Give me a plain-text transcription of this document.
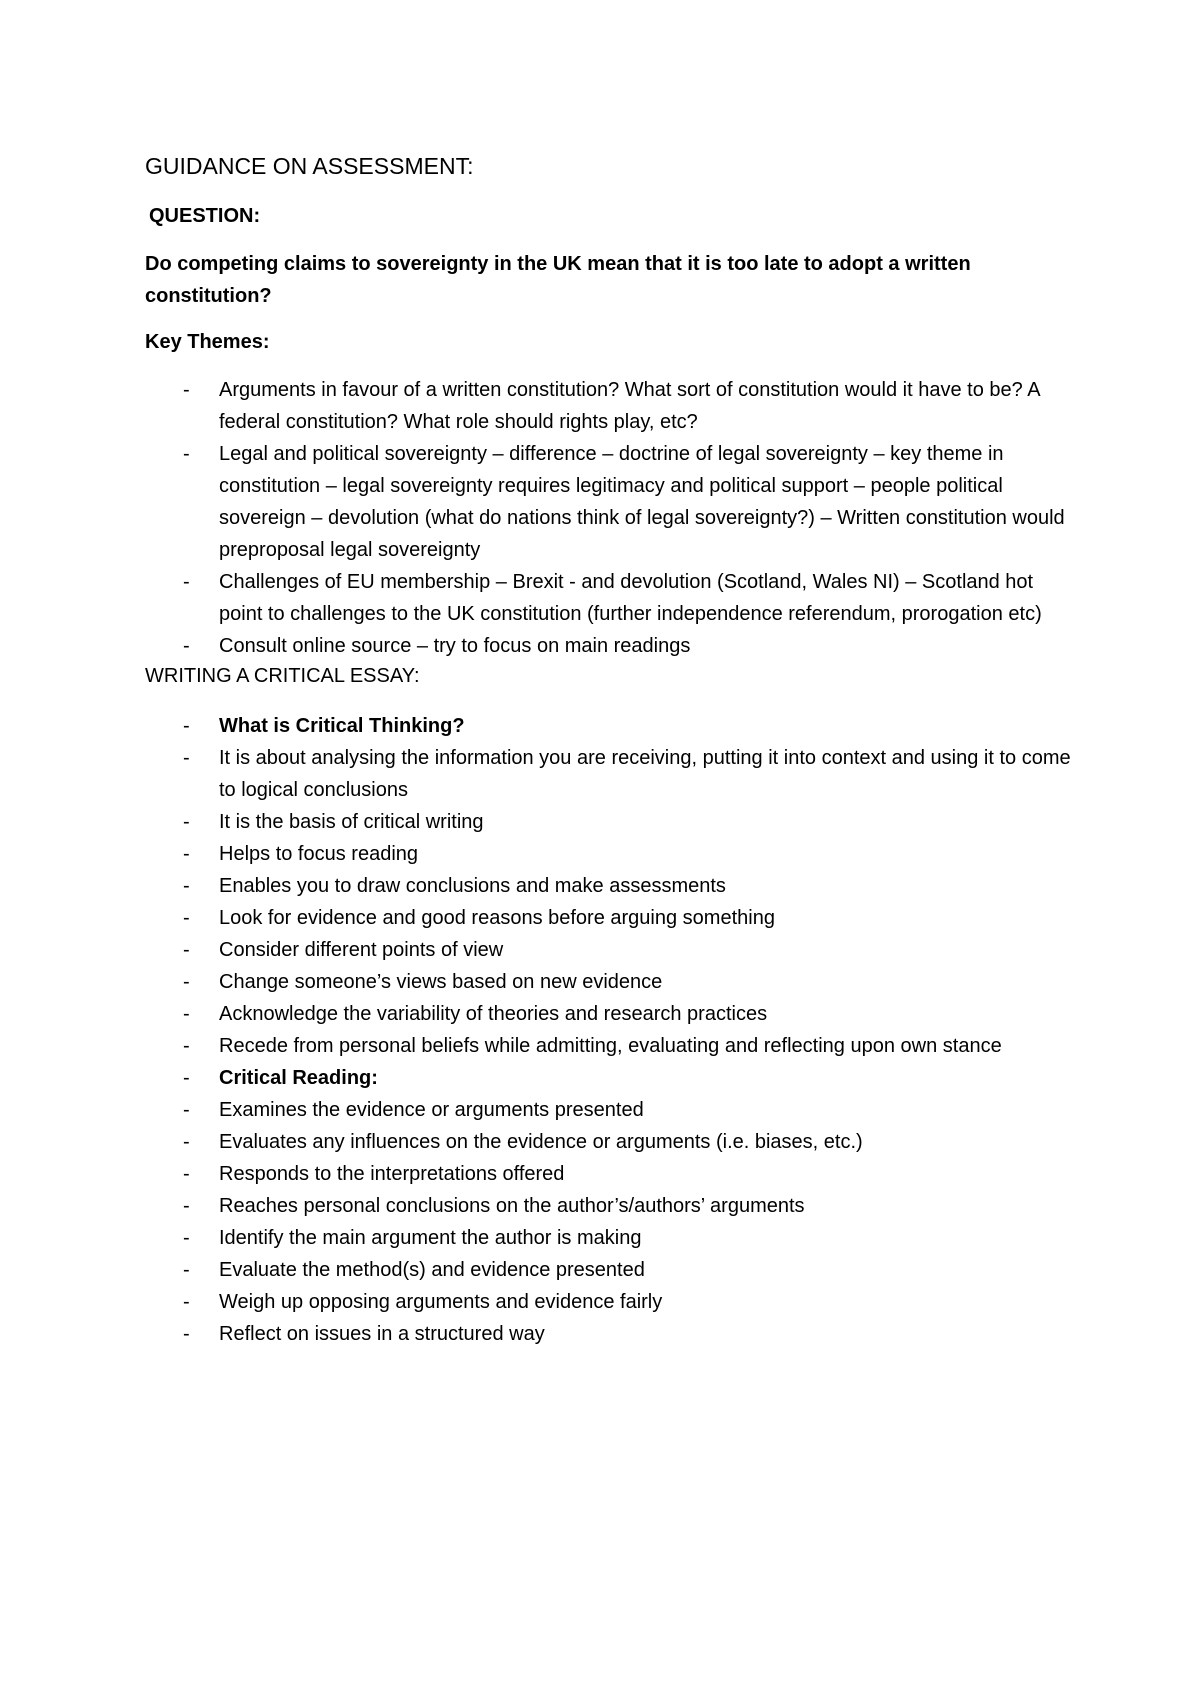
GUIDANCE ON ASSESSMENT:
QUESTION:
Do competing claims to sovereignty in the UK mean that it is too late to adopt a written constitution?
Key Themes:
- Arguments in favour of a written constitution? What sort of constitution would it have to be? A federal constitution? What role should rights play, etc?
- Legal and political sovereignty – difference – doctrine of legal sovereignty – key theme in constitution – legal sovereignty requires legitimacy and political support – people political sovereign – devolution (what do nations think of legal sovereignty?) – Written constitution would preproposal legal sovereignty
- Challenges of EU membership – Brexit - and devolution (Scotland, Wales NI) – Scotland hot point to challenges to the UK constitution (further independence referendum, prorogation etc)
- Consult online source – try to focus on main readings
WRITING A CRITICAL ESSAY:
- What is Critical Thinking?
- It is about analysing the information you are receiving, putting it into context and using it to come to logical conclusions
- It is the basis of critical writing
- Helps to focus reading
- Enables you to draw conclusions and make assessments
- Look for evidence and good reasons before arguing something
- Consider different points of view
- Change someone’s views based on new evidence
- Acknowledge the variability of theories and research practices
- Recede from personal beliefs while admitting, evaluating and reflecting upon own stance
- Critical Reading:
- Examines the evidence or arguments presented
- Evaluates any influences on the evidence or arguments (i.e. biases, etc.)
- Responds to the interpretations offered
- Reaches personal conclusions on the author’s/authors’ arguments
- Identify the main argument the author is making
- Evaluate the method(s) and evidence presented
- Weigh up opposing arguments and evidence fairly
- Reflect on issues in a structured way
